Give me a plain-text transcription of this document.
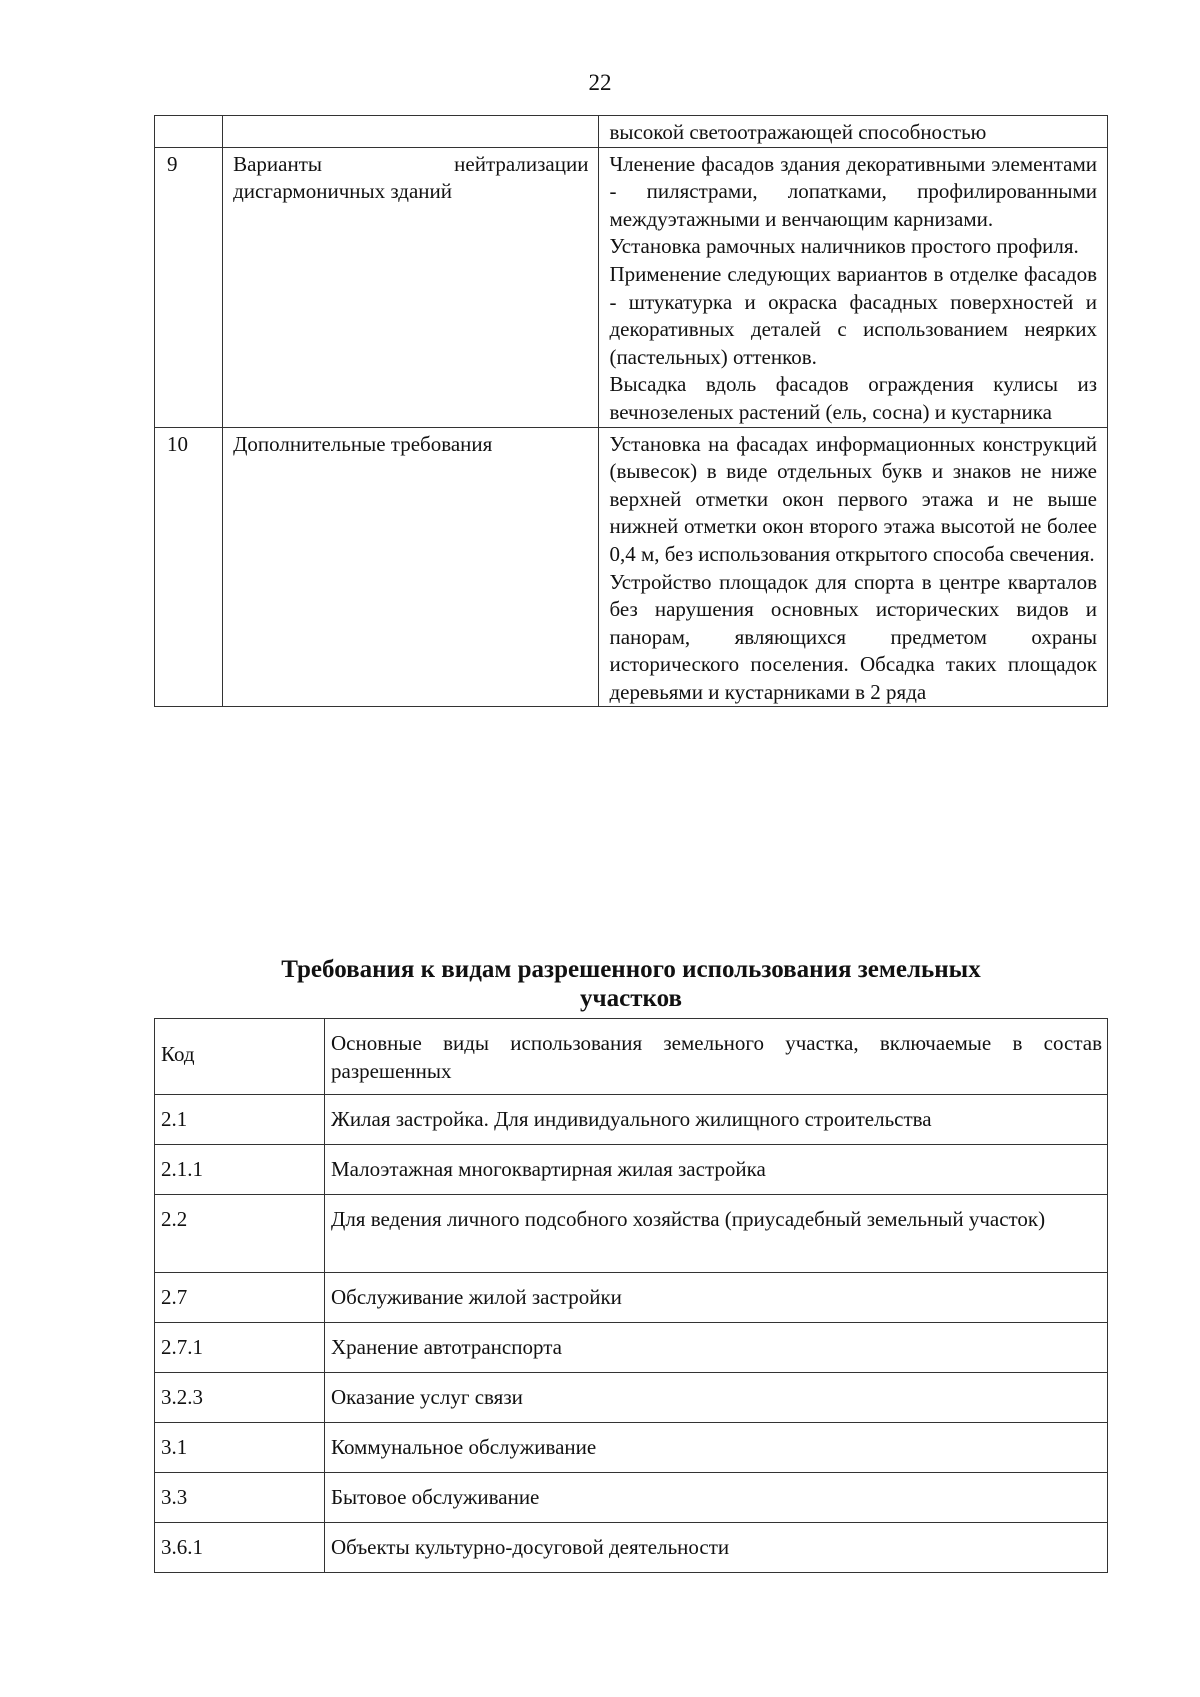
22

		высокой светоотражающей способностью

9	Варианты нейтрализации дисгармоничных зданий	Членение фасадов здания декоративными элементами - пилястрами, лопатками, профилированными междуэтажными и венчающим карнизами.

Установка рамочных наличников простого профиля.

Применение следующих вариантов в отделке фасадов - штукатурка и окраска фасадных поверхностей и декоративных деталей с использованием неярких (пастельных) оттенков.

Высадка вдоль фасадов ограждения кулисы из вечнозеленых растений (ель, сосна) и кустарника

10	Дополнительные требования	Установка на фасадах информационных конструкций (вывесок) в виде отдельных букв и знаков не ниже верхней отметки окон первого этажа и не выше нижней отметки окон второго этажа высотой не более 0,4 м, без использования открытого способа свечения.

Устройство площадок для спорта в центре кварталов без нарушения основных исторических видов и панорам, являющихся предметом охраны исторического поселения. Обсадка таких площадок деревьями и кустарниками в 2 ряда

Требования к видам разрешенного использования земельных
участков
Код	Основные виды использования земельного участка, включаемые в состав разрешенных
2.1	Жилая застройка. Для индивидуального жилищного строительства
2.1.1	Малоэтажная многоквартирная жилая застройка
2.2	Для ведения личного подсобного хозяйства (приусадебный земельный участок)
2.7	Обслуживание жилой застройки
2.7.1	Хранение автотранспорта
3.2.3	Оказание услуг связи
3.1	Коммунальное обслуживание
3.3	Бытовое обслуживание
3.6.1	Объекты культурно-досуговой деятельности
